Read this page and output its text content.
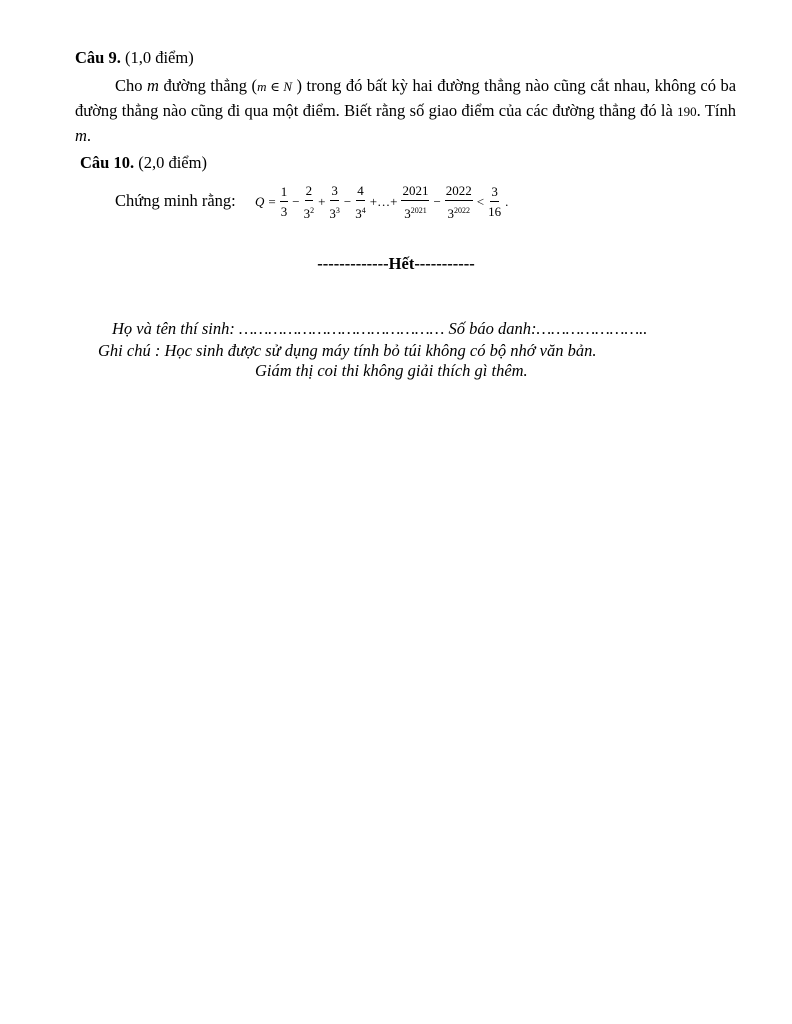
Câu 9. (1,0 điểm)

Cho m đường thẳng (m ∈ N ) trong đó bất kỳ hai đường thẳng nào cũng cắt nhau, không có ba đường thẳng nào cũng đi qua một điểm. Biết rằng số giao điểm của các đường thẳng đó là 190. Tính m.

Câu 10. (2,0 điểm)
Chứng minh rằng: $Q = \frac{1}{3} - \frac{2}{3^2} + \frac{3}{3^3} - \frac{4}{3^4}$ +…+ $\frac{2021}{3^{2021}} - \frac{2022}{3^{2022}} < \frac{3}{16}$ .
-------------Hết-----------
Họ và tên thí sinh: …………………………………… Số báo danh:…………………..
Ghi chú : Học sinh được sử dụng máy tính bỏ túi không có bộ nhớ văn bản.
Giám thị coi thi không giải thích gì thêm.
